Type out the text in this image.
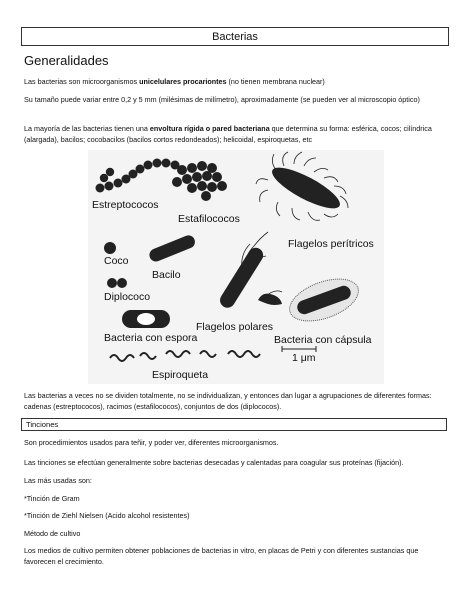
Bacterias
Generalidades
Las bacterias son microorganismos unicelulares procariontes (no tienen membrana nuclear)
Su tamaño puede variar entre 0,2 y 5 mm (milésimas de milímetro), aproximadamente (se pueden ver al microscopio óptico)
La mayoría de las bacterias tienen una envoltura rígida o pared bacteriana que determina su forma: esférica, cocos; cilíndrica (alargada), bacilos; cocobacilos (bacilos cortos redondeados); helicoidal, espiroquetas, etc
Estreptococos
Estafilococos
Flagelos perítricos
Coco
Bacilo
Diplococo
Flagelos polares
Bacteria con espora	Bacteria con cápsula
1 μm
Espiroqueta
Las bacterias a veces no se dividen totalmente, no se individualizan, y entonces dan lugar a agrupaciones de diferentes formas: cadenas (estreptococos), racimos (estafilococos), conjuntos de dos (diplococos).
Tinciones
Son procedimientos usados para teñir, y poder ver, diferentes microorganismos.
Las tinciones se efectúan generalmente sobre bacterias desecadas y calentadas para coagular sus proteínas (fijación).
Las más usadas son:
*Tinción de Gram
*Tinción de Ziehl Nielsen (Acido alcohol resistentes)
Método de cultivo
Los medios de cultivo permiten obtener poblaciones de bacterias in vitro, en placas de Petri y con diferentes sustancias que favorecen el crecimiento.
